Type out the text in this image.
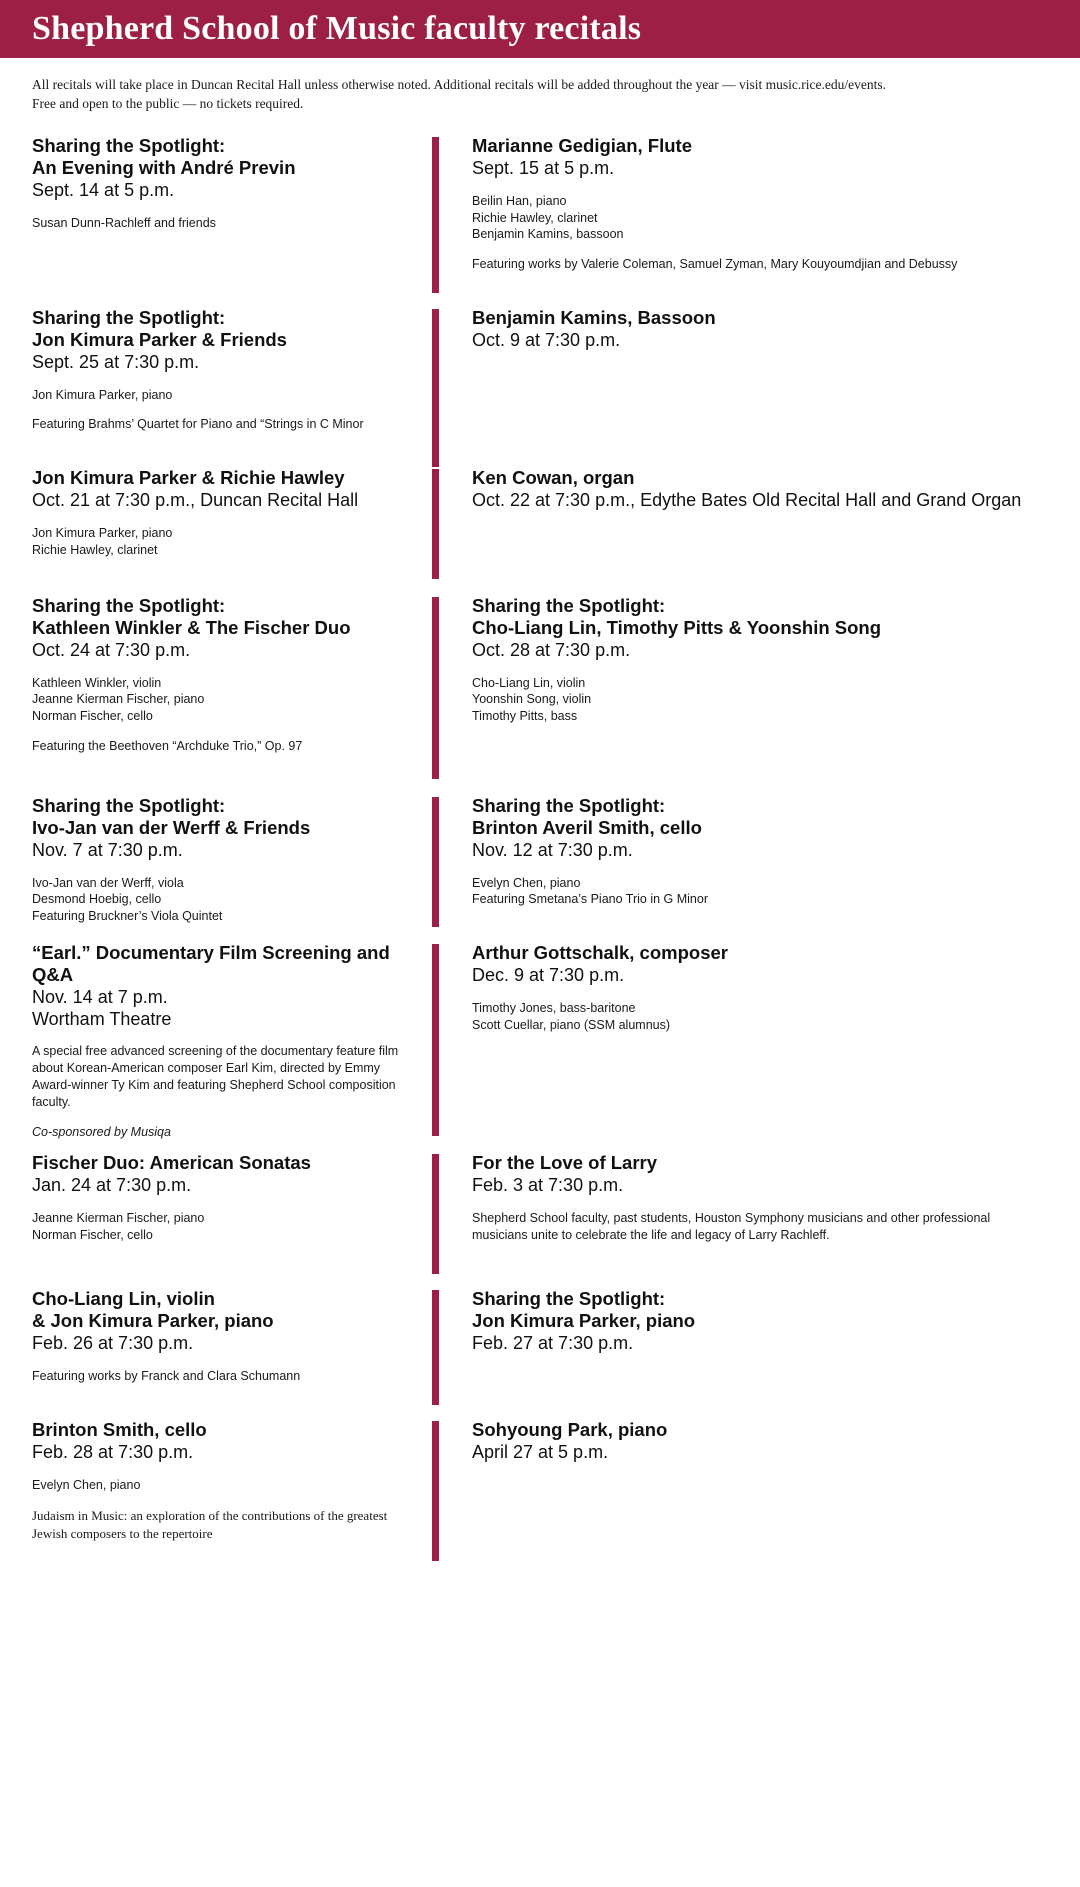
Shepherd School of Music faculty recitals
All recitals will take place in Duncan Recital Hall unless otherwise noted. Additional recitals will be added throughout the year — visit music.rice.edu/events. Free and open to the public — no tickets required.
Sharing the Spotlight:
An Evening with André Previn
Sept. 14 at 5 p.m.
Susan Dunn-Rachleff and friends
Sharing the Spotlight:
Jon Kimura Parker & Friends
Sept. 25 at 7:30 p.m.
Jon Kimura Parker, piano
Featuring Brahms’ Quartet for Piano and “Strings in C Minor
Jon Kimura Parker & Richie Hawley
Oct. 21 at 7:30 p.m., Duncan Recital Hall
Jon Kimura Parker, piano
Richie Hawley, clarinet
Sharing the Spotlight:
Kathleen Winkler & The Fischer Duo
Oct. 24 at 7:30 p.m.
Kathleen Winkler, violin
Jeanne Kierman Fischer, piano
Norman Fischer, cello
Featuring the Beethoven “Archduke Trio,” Op. 97
Sharing the Spotlight:
Ivo-Jan van der Werff & Friends
Nov. 7 at 7:30 p.m.
Ivo-Jan van der Werff, viola
Desmond Hoebig, cello
Featuring Bruckner’s Viola Quintet
“Earl.” Documentary Film Screening and Q&A
Nov. 14 at 7 p.m.
Wortham Theatre
A special free advanced screening of the documentary feature film about Korean-American composer Earl Kim, directed by Emmy Award-winner Ty Kim and featuring Shepherd School composition faculty.
Co-sponsored by Musiqa
Fischer Duo: American Sonatas
Jan. 24 at 7:30 p.m.
Jeanne Kierman Fischer, piano
Norman Fischer, cello
Cho-Liang Lin, violin
& Jon Kimura Parker, piano
Feb. 26 at 7:30 p.m.
Featuring works by Franck and Clara Schumann
Brinton Smith, cello
Feb. 28 at 7:30 p.m.
Evelyn Chen, piano
Judaism in Music: an exploration of the contributions of the greatest Jewish composers to the repertoire
Marianne Gedigian, Flute
Sept. 15 at 5 p.m.
Beilin Han, piano
Richie Hawley, clarinet
Benjamin Kamins, bassoon
Featuring works by Valerie Coleman, Samuel Zyman, Mary Kouyoumdjian and Debussy
Benjamin Kamins, Bassoon
Oct. 9 at 7:30 p.m.
Ken Cowan, organ
Oct. 22 at 7:30 p.m., Edythe Bates Old Recital Hall and Grand Organ
Sharing the Spotlight:
Cho-Liang Lin, Timothy Pitts & Yoonshin Song
Oct. 28 at 7:30 p.m.
Cho-Liang Lin, violin
Yoonshin Song, violin
Timothy Pitts, bass
Sharing the Spotlight:
Brinton Averil Smith, cello
Nov. 12 at 7:30 p.m.
Evelyn Chen, piano
Featuring Smetana’s Piano Trio in G Minor
Arthur Gottschalk, composer
Dec. 9 at 7:30 p.m.
Timothy Jones, bass-baritone
Scott Cuellar, piano (SSM alumnus)
For the Love of Larry
Feb. 3 at 7:30 p.m.
Shepherd School faculty, past students, Houston Symphony musicians and other professional musicians unite to celebrate the life and legacy of Larry Rachleff.
Sharing the Spotlight:
Jon Kimura Parker, piano
Feb. 27 at 7:30 p.m.
Sohyoung Park, piano
April 27 at 5 p.m.
